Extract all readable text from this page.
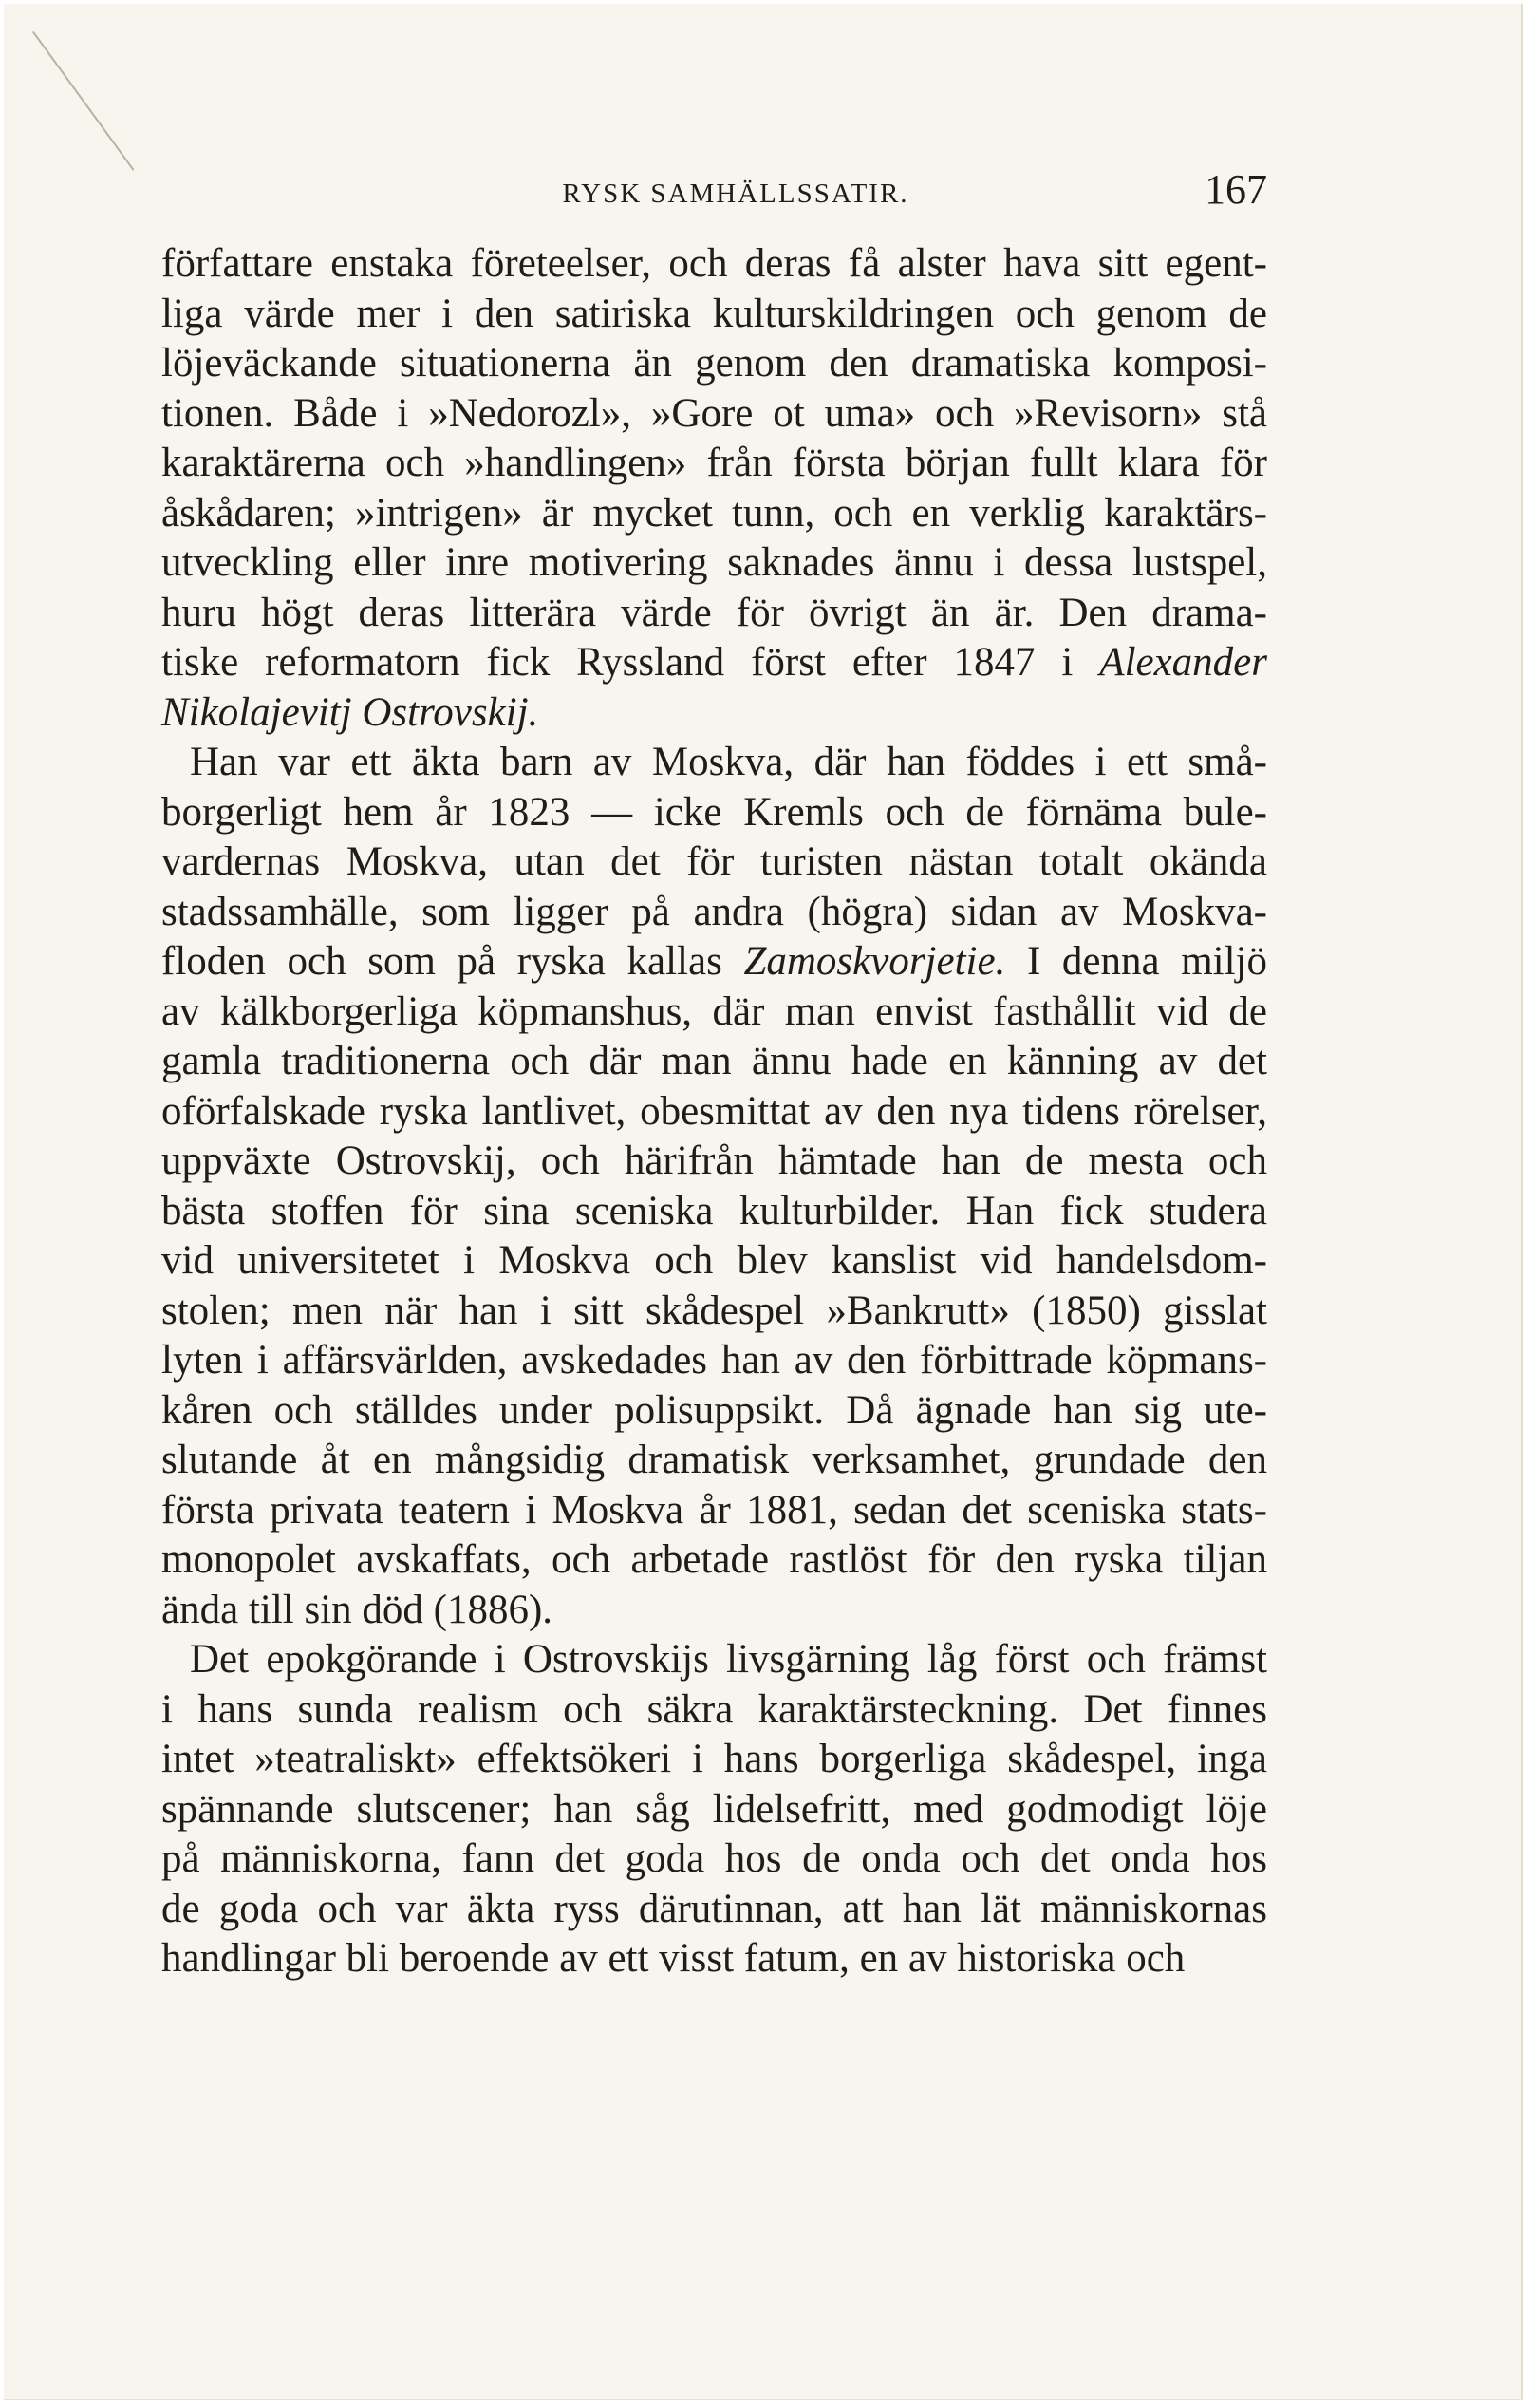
RYSK SAMHÄLLSSATIR.	167
författare enstaka företeelser, och deras få alster hava sitt egent-
liga värde mer i den satiriska kulturskildringen och genom de
löjeväckande situationerna än genom den dramatiska komposi-
tionen. Både i »Nedorozl», »Gore ot uma» och »Revisorn» stå
karaktärerna och »handlingen» från första början fullt klara för
åskådaren; »intrigen» är mycket tunn, och en verklig karaktärs-
utveckling eller inre motivering saknades ännu i dessa lustspel,
huru högt deras litterära värde för övrigt än är. Den drama-
tiske reformatorn fick Ryssland först efter 1847 i Alexander
Nikolajevitj Ostrovskij.
Han var ett äkta barn av Moskva, där han föddes i ett små-
borgerligt hem år 1823 — icke Kremls och de förnäma bule-
vardernas Moskva, utan det för turisten nästan totalt okända
stadssamhälle, som ligger på andra (högra) sidan av Moskva-
floden och som på ryska kallas Zamoskvorjetie. I denna miljö
av kälkborgerliga köpmanshus, där man envist fasthållit vid de
gamla traditionerna och där man ännu hade en känning av det
oförfalskade ryska lantlivet, obesmittat av den nya tidens rörelser,
uppväxte Ostrovskij, och härifrån hämtade han de mesta och
bästa stoffen för sina sceniska kulturbilder. Han fick studera
vid universitetet i Moskva och blev kanslist vid handelsdom-
stolen; men när han i sitt skådespel »Bankrutt» (1850) gisslat
lyten i affärsvärlden, avskedades han av den förbittrade köpmans-
kåren och ställdes under polisuppsikt. Då ägnade han sig ute-
slutande åt en mångsidig dramatisk verksamhet, grundade den
första privata teatern i Moskva år 1881, sedan det sceniska stats-
monopolet avskaffats, och arbetade rastlöst för den ryska tiljan
ända till sin död (1886).
Det epokgörande i Ostrovskijs livsgärning låg först och främst
i hans sunda realism och säkra karaktärsteckning. Det finnes
intet »teatraliskt» effektsökeri i hans borgerliga skådespel, inga
spännande slutscener; han såg lidelsefritt, med godmodigt löje
på människorna, fann det goda hos de onda och det onda hos
de goda och var äkta ryss därutinnan, att han lät människornas
handlingar bli beroende av ett visst fatum, en av historiska och
